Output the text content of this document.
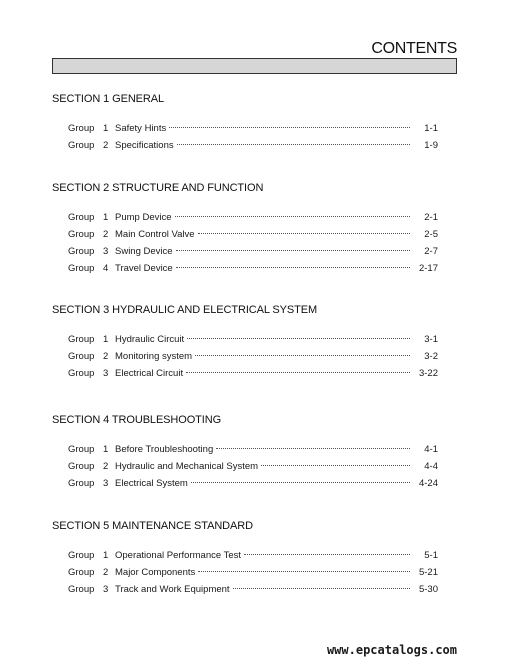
CONTENTS
SECTION 1 GENERAL
Group 1 Safety Hints	1-1
Group 2 Specifications	1-9
SECTION 2 STRUCTURE AND FUNCTION
Group 1 Pump Device	2-1
Group 2 Main Control Valve	2-5
Group 3 Swing Device	2-7
Group 4 Travel Device	2-17
SECTION 3 HYDRAULIC AND ELECTRICAL SYSTEM
Group 1 Hydraulic Circuit	3-1
Group 2 Monitoring system	3-2
Group 3 Electrical Circuit	3-22
SECTION 4 TROUBLESHOOTING
Group 1 Before Troubleshooting	4-1
Group 2 Hydraulic and Mechanical System	4-4
Group 3 Electrical System	4-24
SECTION 5 MAINTENANCE STANDARD
Group 1 Operational Performance Test	5-1
Group 2 Major Components	5-21
Group 3 Track and Work Equipment	5-30
www.epcatalogs.com
